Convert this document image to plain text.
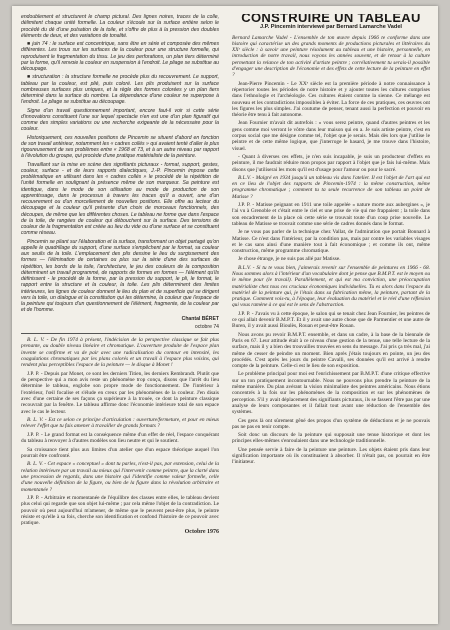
endoublement et structurent le champ pictural. Des lignes noires, traces de la colle, délimitent chaque unité formelle. La couleur s'écoule sur la surface entière selon le procédé du dé d'une pulsation de la toile, et s'offre de plus à la pression des doubles éléments de deux, et des variations de tonalité.

■ juin 74 : le surface est concentrique, sans être en série et composée des mêmes différentes. Les trous sur les surfaces de la couleur pour une structure formelle, qui reproduisent le fragmentation du tissu. Le jeu des perforations, un plan tiers déterminé par la forme, qu'il renvoie la couleur en suspension à l'endroit. Le pliage se substitue au découpage.

■ structuration : la structure formelle ne procède plus du recouvrement. Le support, tableau par la couleur, est plié, puis coloré. Les plis produisent sur la surface nombreuses surfaces plus uniques, et la règle des formes colorées y un plan tiers déterminé dans la surface du nombre. La dépendance d'une couleur ne superpose à l'endroit. Le pliage se substitue au découpage.

Signe d'un travail questionnement important, encore faut-il voir si cette série d'innovations constituent l'une sur lequel spectacle n'en est une d'un plan figuratif qui comme des simples variations ou une recherche exigeante de la nécessaire pour la couleur.

Historiquement, ces nouvelles positions de Pincemin se situent d'abord en fonction de son travail antérieur, notamment les « cadres collés » qui avaient tenté d'aller le plus rigoureusement de ses problèmes entre « 1968 et 73, et à un autre niveau par rapport à l'évolution du groupe, qui procède d'une pratique matérialiste de la peinture.

Travaillant sur la mise en scène des signifiants picturaux - format, support, gestes, couleur, surface - et de leurs rapports dialectiques, J.-P. Pincemin impose cette problématique en utilisant dans les « cadres collés » le procédé de la répétition de l'unité formelle en soulignant la présence même de son marqueur. Sa peinture est identique, dans le mode de son utilisation au mode de production de son apprentissage, dans le processus à travers les traces qu'il a ouvert, une d'un recouvrement ou d'un morcellement de nouvelles positions. Elle offre au lecteur du découpage et la couleur qu'il présente d'un choix de morceaux fonctionnels, des découpes, de même que les différentes choses. Le tableau ne forme que dans l'espace de la toile, de rangées de couleur qui débouchent sur la surface. Des tensions de couleur de la fragmentation est créée au lieu du vide ou d'une surface et se constituent comme réseau.

Pincemin se pliant sur l'élaboration et la surface, transformant un objet partagé qu'on appelle le quadrillage du support, d'une surface s'empêchent par le format, sa couleur aux seuils de la toile. L'emplacement des plis dessine le lieu du surgissement des formes — l'élimination de certaines ou plus sur la série d'une des surfaces de répétition, les bords de la toile, l'architecture, le jeu des couleurs de la composition déterminent un travail programmé, de rapports de formes en formes — l'élément qu'ils définissent - le procédé de la forme, par la pression du support, le pli, le format, le rapport entre la structure et la couleur, la toile. Les plis déterminent des limites intérieures, les lignes de couleur donnent le lieu du plan et de superficie qui se dirigent vers la toile, un dialogue et la constitution qui les détermine, la couleur que l'espace de la peinture qui toujours d'un questionnement de l'élément, fragmente, de la couleur par et de l'homme.

Chantal BÉRET

octobre 74

B. L. V. - De fin 1974 à présent, l'indécision de la perspective classique se fait plus prenante, au double niveau linéaire et chromatique. L'ouverture produite de l'espace plan invente se confirme et va de pair avec une radicalisation du contour en intensité, les coagulations chromatiques par les plans colorés et un travail à l'espace plus voisins, qui rendent plus perceptibles l'espace de la peinture — le disque à Monet !

J.P. P. - Depuis par Monet, ce sont les derniers Titien, les derniers Rembrandt. Plutôt que de perspective qui a mon avis reste un phénomène trop conçu, disons que l'arrêt du lieu détermine le tableau, englobe son propre mode de fonctionnement. De l'intérieur à l'extérieur, l'œil focalise et s'élude en creux par les phénomènes de la couleur. J'en disais avec d'une certaine de ses façons ça supérieure à la trouée, ce dont la peinture classique recouvrait par la fenêtre. Le tableau affirme donc l'économie intérieure total de son espace avec le cas le lecteur.

B. L. V. - Est ce selon ce principe d'articulation : ouverture/fermeture, et pour en mieux relever l'effet que tu fais amener à travailler de grands formats ?

J.P. P. - Le grand format est la conséquence même d'un effet de réel, l'espace conquérant du tableau à renvoyer à d'autres modèles son lieu neutre et qui le soutient.

Sa croissance tient plus aux limites d'un atelier que d'un espace théorique auquel l'on pourrait être confronté.

B. L. V. - Cet espace « conceptuel » dont tu parles, n'est-il pas, par extension, celui de la relation intérieure par un travail au mieux qui l'intervenir comme peintre, que la clarté dans une procession de regards, dans une histoire qui l'identifie comme valeur formelle, celle d'une nouvelle définition de la figure, ou bien de la figure dans la révolution arbitraire et momentanée ?

J.P. P. - Arbitraire et momentanée de l'équilibre des classes entre elles, le tableau devient plus celui qui regarde que son objet lui-même ; par cela même l'objet de la contradiction. Le pouvoir où peut aujourd'hui m'amener, de même que le peuvent peut-être plus, le peintre résiste et qu'elle à sa fois, cherche son identification et confond l'histoire de ce pouvoir avec pratique.

Octobre 1976
CONSTRUIRE UN TABLEAU
J.P. Pincemin interviewé par Bernard Lamarche Vadel

Bernard Lamarche Vadel - L'ensemble de ton œuvre depuis 1966 te conforme dans une histoire qui caractérise un des grands moments de productions picturales et littéraires du XXᵉ siècle : à savoir une peinture résolument au tableau et une histoire, personnelle, en introduction de notre travail, nous voyons les années souvent, et de retour à la culture permettant la relance de ton activité d'artiste peintre ; corrélativement tu serais-il possible d'engager une description de l'économie et des effets de cette lecture de la peinture en effet ?

Jean-Pierre Pincemin - Le XXᵉ siècle est la première période à notre connaissance à répertorier toutes les périodes de notre histoire et y ajouter toutes les cultures comprises dans l'ethnologie et l'archéologie. Ces cultures étaient comme la sienne. Ce mélange est nouveau et les contradictions impossibles à éviter. La force de ces pratiques, ces œuvres ont les figures les plus simples. J'ai coutume de penser, tenant aussi la perfection et pouvoir en théorie être tenu à fait autonome.

Jean Fournier m'avait dit autrefois : « vous serez peintre, quand d'autres peintres et les gens comme moi verront le vôtre dans leur maison qui en a. Je suis artiste peintre, c'est en corpus social que me désigne comme tel, l'objet que je serais. Mais dès lors que j'utilise le peintre et de cette même logique, que j'interroge le hasard, je me trouve dans l'histoire, visuel.

- Quant à diverses ces effets, je n'en suis incapable, je suis un producteur d'effets en peinture, il me faudrait réduire mon propos par rapport à l'objet que je fais lui-même. Mais disons que j'utiliserai les mots qu'il est d'usage pour l'amour ou pour le sacré.

B.L.V. - Malgré en 1934 jusqu'à un tableau vis dans l'atelier. Il est l'objet de l'art qui est en ce lieu de l'objet des rapports de Pincemin-1974 : la même construction, même programme chromatique ; comment tu ta seule recurrence de son tableau un point de Matisse ?

J.P. P. - Matisse peignant en 1911 une toile appelée « nature morte aux aubergines », je l'ai vu à Grenoble et c'était entre le ciel et une prise de vie qui me frappaient ; la toile dans son encadrement de la place où cette série se trouvait toute d'un coup prise nouvelle. Le tableau de Matisse se trouvait comme une série de cadres donnés dans le format.

Je ne vous pas parler de la technique chez Vallat, de l'admiration que portait Bonnard à Matisse. Ce n'est dans l'intérieur, par la condition pas, mais par contre les variables visages et le cas sans ainsi d'une manière tout à fait économique ; et comme ils ont, même construction, même programme chromatique.

Je chose étrange, je ne suis pas allé par Matisse.

B.L.V. - Si tu te vous bien, j'aimerais revenir sur l'ensemble de peintures en 1966 - 68. Nous sommes alors à l'intérieur d'un vocabulaire dont je pense que B.M.P.T. est le moyen ou le même pour (le travail). Parallèlement, et qui est ma conviction, une préoccupation matérialiste chez tous ces cruciaux économiques individuelles. Tu es alors dans l'espace du matériel de la peinture qui, je l'étais dans sa fabrication même, la peinture, partant de la pratique. Comment vois-tu, à l'époque, leur évaluation du matériel et le réel d'une réflexion qui vous ramène à ce qui est le sens de l'abstraction.

J.P. P. - J'avais vu à cette époque, le salon qui se tenait chez Jean Fournier, les peintres de ce qui allait devenir B.M.P.T. Et il y avait une autre chose que de Parmentier et une autre de Buren, il y avait aussi Bioulès, Rouan et peut-être Rouan.

Nous avons pu revoir B.M.P.T. ensemble, et dans un cadre, à la base de la biennale de Paris en 67. Leur attitude était à ce niveau d'une gestion de la tenue, une telle lecture de la surface, mais il y a bien des trouvailles trouvées en sens du message. J'ai pris ça très mal, j'ai même de cesser de peindre un moment. Bien après j'étais toujours en pointe, un jeu des procédés. C'est après les jours du peintre Cavalli, ses données qu'il est arrivé à rendre compte de la peinture. Celle-ci est le lieu de son exposition.

Le problème principal pour moi est l'enrichissement par B.M.P.T. d'une critique effective sur un ton pratiquement incontournable. Nous ne pouvons plus prendre la peinture de la même manière. Du plan avérant la vision minimaliste des peintres américains. Nous étions concentrés à la fois sur les phénomènes de la composition et sur les phénomènes de perception. S'il y avait déplacement des signifiants picturaux, ils se fassent l'être pas par une analyse de leurs composantes et il fallait tout avant une réduction de l'ensemble des systèmes.

Ces gens là ont sûrement gêné des propos d'un système de déductions et je ne pouvais pas ne pas en tenir compte.

Soit donc un discours de la peinture qui supposait une tenue historique et dont les principes elles-mêmes s'enroulaient dans une technologie traditionnelle.

Une pensée servie à faire de la peinture une peinture. Les objets étaient pris dans leur signification importante où ils constituaient à absorber. Il n'était pas, on pourrait en être l'initiateur.
